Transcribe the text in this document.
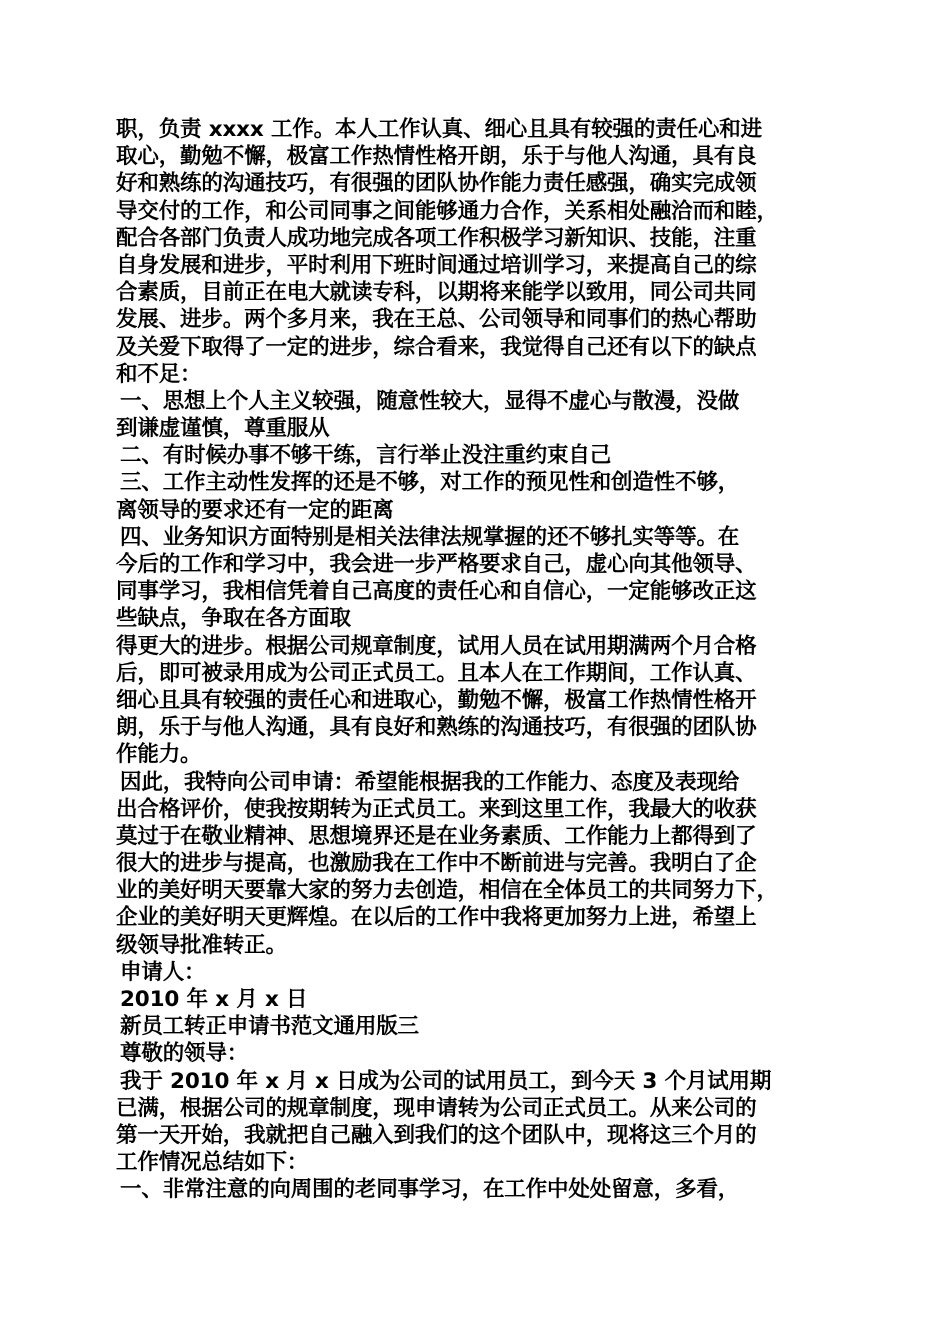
职，负责 xxxx 工作。本人工作认真、细心且具有较强的责任心和进
取心，勤勉不懈，极富工作热情性格开朗，乐于与他人沟通，具有良
好和熟练的沟通技巧，有很强的团队协作能力责任感强，确实完成领
导交付的工作，和公司同事之间能够通力合作，关系相处融洽而和睦，
配合各部门负责人成功地完成各项工作积极学习新知识、技能，注重
自身发展和进步，平时利用下班时间通过培训学习，来提高自己的综
合素质，目前正在电大就读专科，以期将来能学以致用，同公司共同
发展、进步。两个多月来，我在王总、公司领导和同事们的热心帮助
及关爱下取得了一定的进步，综合看来，我觉得自己还有以下的缺点
和不足：
一、思想上个人主义较强，随意性较大，显得不虚心与散漫，没做
到谦虚谨慎，尊重服从
二、有时候办事不够干练，言行举止没注重约束自己
三、工作主动性发挥的还是不够，对工作的预见性和创造性不够，
离领导的要求还有一定的距离
四、业务知识方面特别是相关法律法规掌握的还不够扎实等等。在
今后的工作和学习中，我会进一步严格要求自己，虚心向其他领导、
同事学习，我相信凭着自己高度的责任心和自信心，一定能够改正这
些缺点，争取在各方面取
得更大的进步。根据公司规章制度，试用人员在试用期满两个月合格
后，即可被录用成为公司正式员工。且本人在工作期间，工作认真、
细心且具有较强的责任心和进取心，勤勉不懈，极富工作热情性格开
朗，乐于与他人沟通，具有良好和熟练的沟通技巧，有很强的团队协
作能力。
因此，我特向公司申请：希望能根据我的工作能力、态度及表现给
出合格评价，使我按期转为正式员工。来到这里工作，我最大的收获
莫过于在敬业精神、思想境界还是在业务素质、工作能力上都得到了
很大的进步与提高，也激励我在工作中不断前进与完善。我明白了企
业的美好明天要靠大家的努力去创造，相信在全体员工的共同努力下，
企业的美好明天更辉煌。在以后的工作中我将更加努力上进，希望上
级领导批准转正。
申请人：
2010 年 x 月 x 日
新员工转正申请书范文通用版三
尊敬的领导：
我于 2010 年 x 月 x 日成为公司的试用员工，到今天 3 个月试用期
已满，根据公司的规章制度，现申请转为公司正式员工。从来公司的
第一天开始，我就把自己融入到我们的这个团队中，现将这三个月的
工作情况总结如下：
一、非常注意的向周围的老同事学习，在工作中处处留意，多看，
